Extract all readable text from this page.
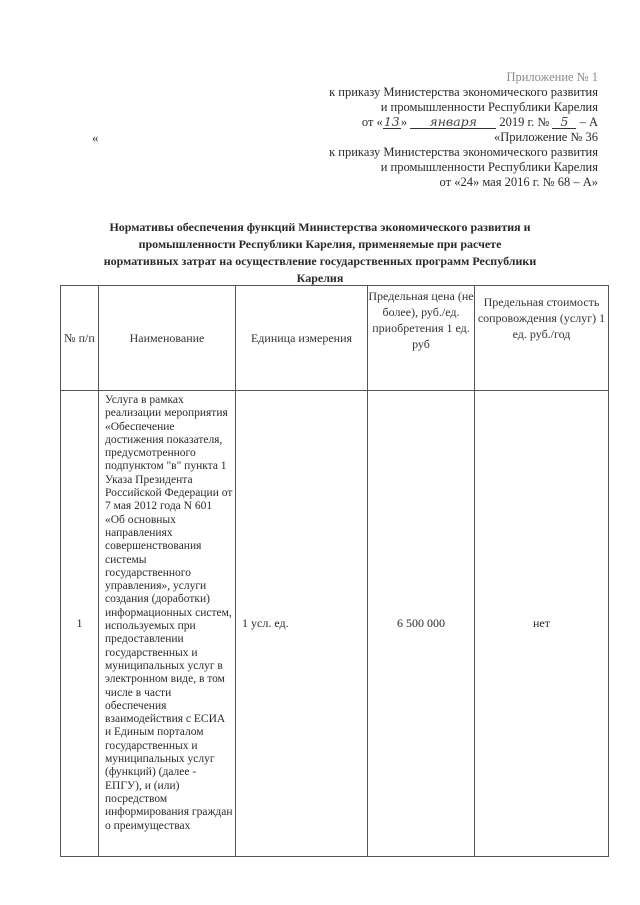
Приложение № 1
к приказу Министерства экономического развития
и промышленности Республики Карелия
от «13» января 2019 г. № 5 – А
«	«Приложение № 36
к приказу Министерства экономического развития
и промышленности Республики Карелия
от «24» мая 2016 г. № 68 – А»
Нормативы обеспечения функций Министерства экономического развития и промышленности Республики Карелия, применяемые при расчете нормативных затрат на осуществление государственных программ Республики Карелия
№ п/п	Наименование	Единица измерения	Предельная цена (не более), руб./ед. приобретения 1 ед. руб	Предельная стоимость сопровождения (услуг) 1 ед. руб./год
1	Услуга в рамках реализации мероприятия «Обеспечение достижения показателя, предусмотренного подпунктом "в" пункта 1 Указа Президента Российской Федерации от 7 мая 2012 года N 601 «Об основных направлениях совершенствования системы государственного управления», услуги создания (доработки) информационных систем, используемых при предоставлении государственных и муниципальных услуг в электронном виде, в том числе в части обеспечения взаимодействия с ЕСИА и Единым порталом государственных и муниципальных услуг (функций) (далее - ЕПГУ), и (или) посредством информирования граждан о преимуществах	1 усл. ед.	6 500 000	нет
